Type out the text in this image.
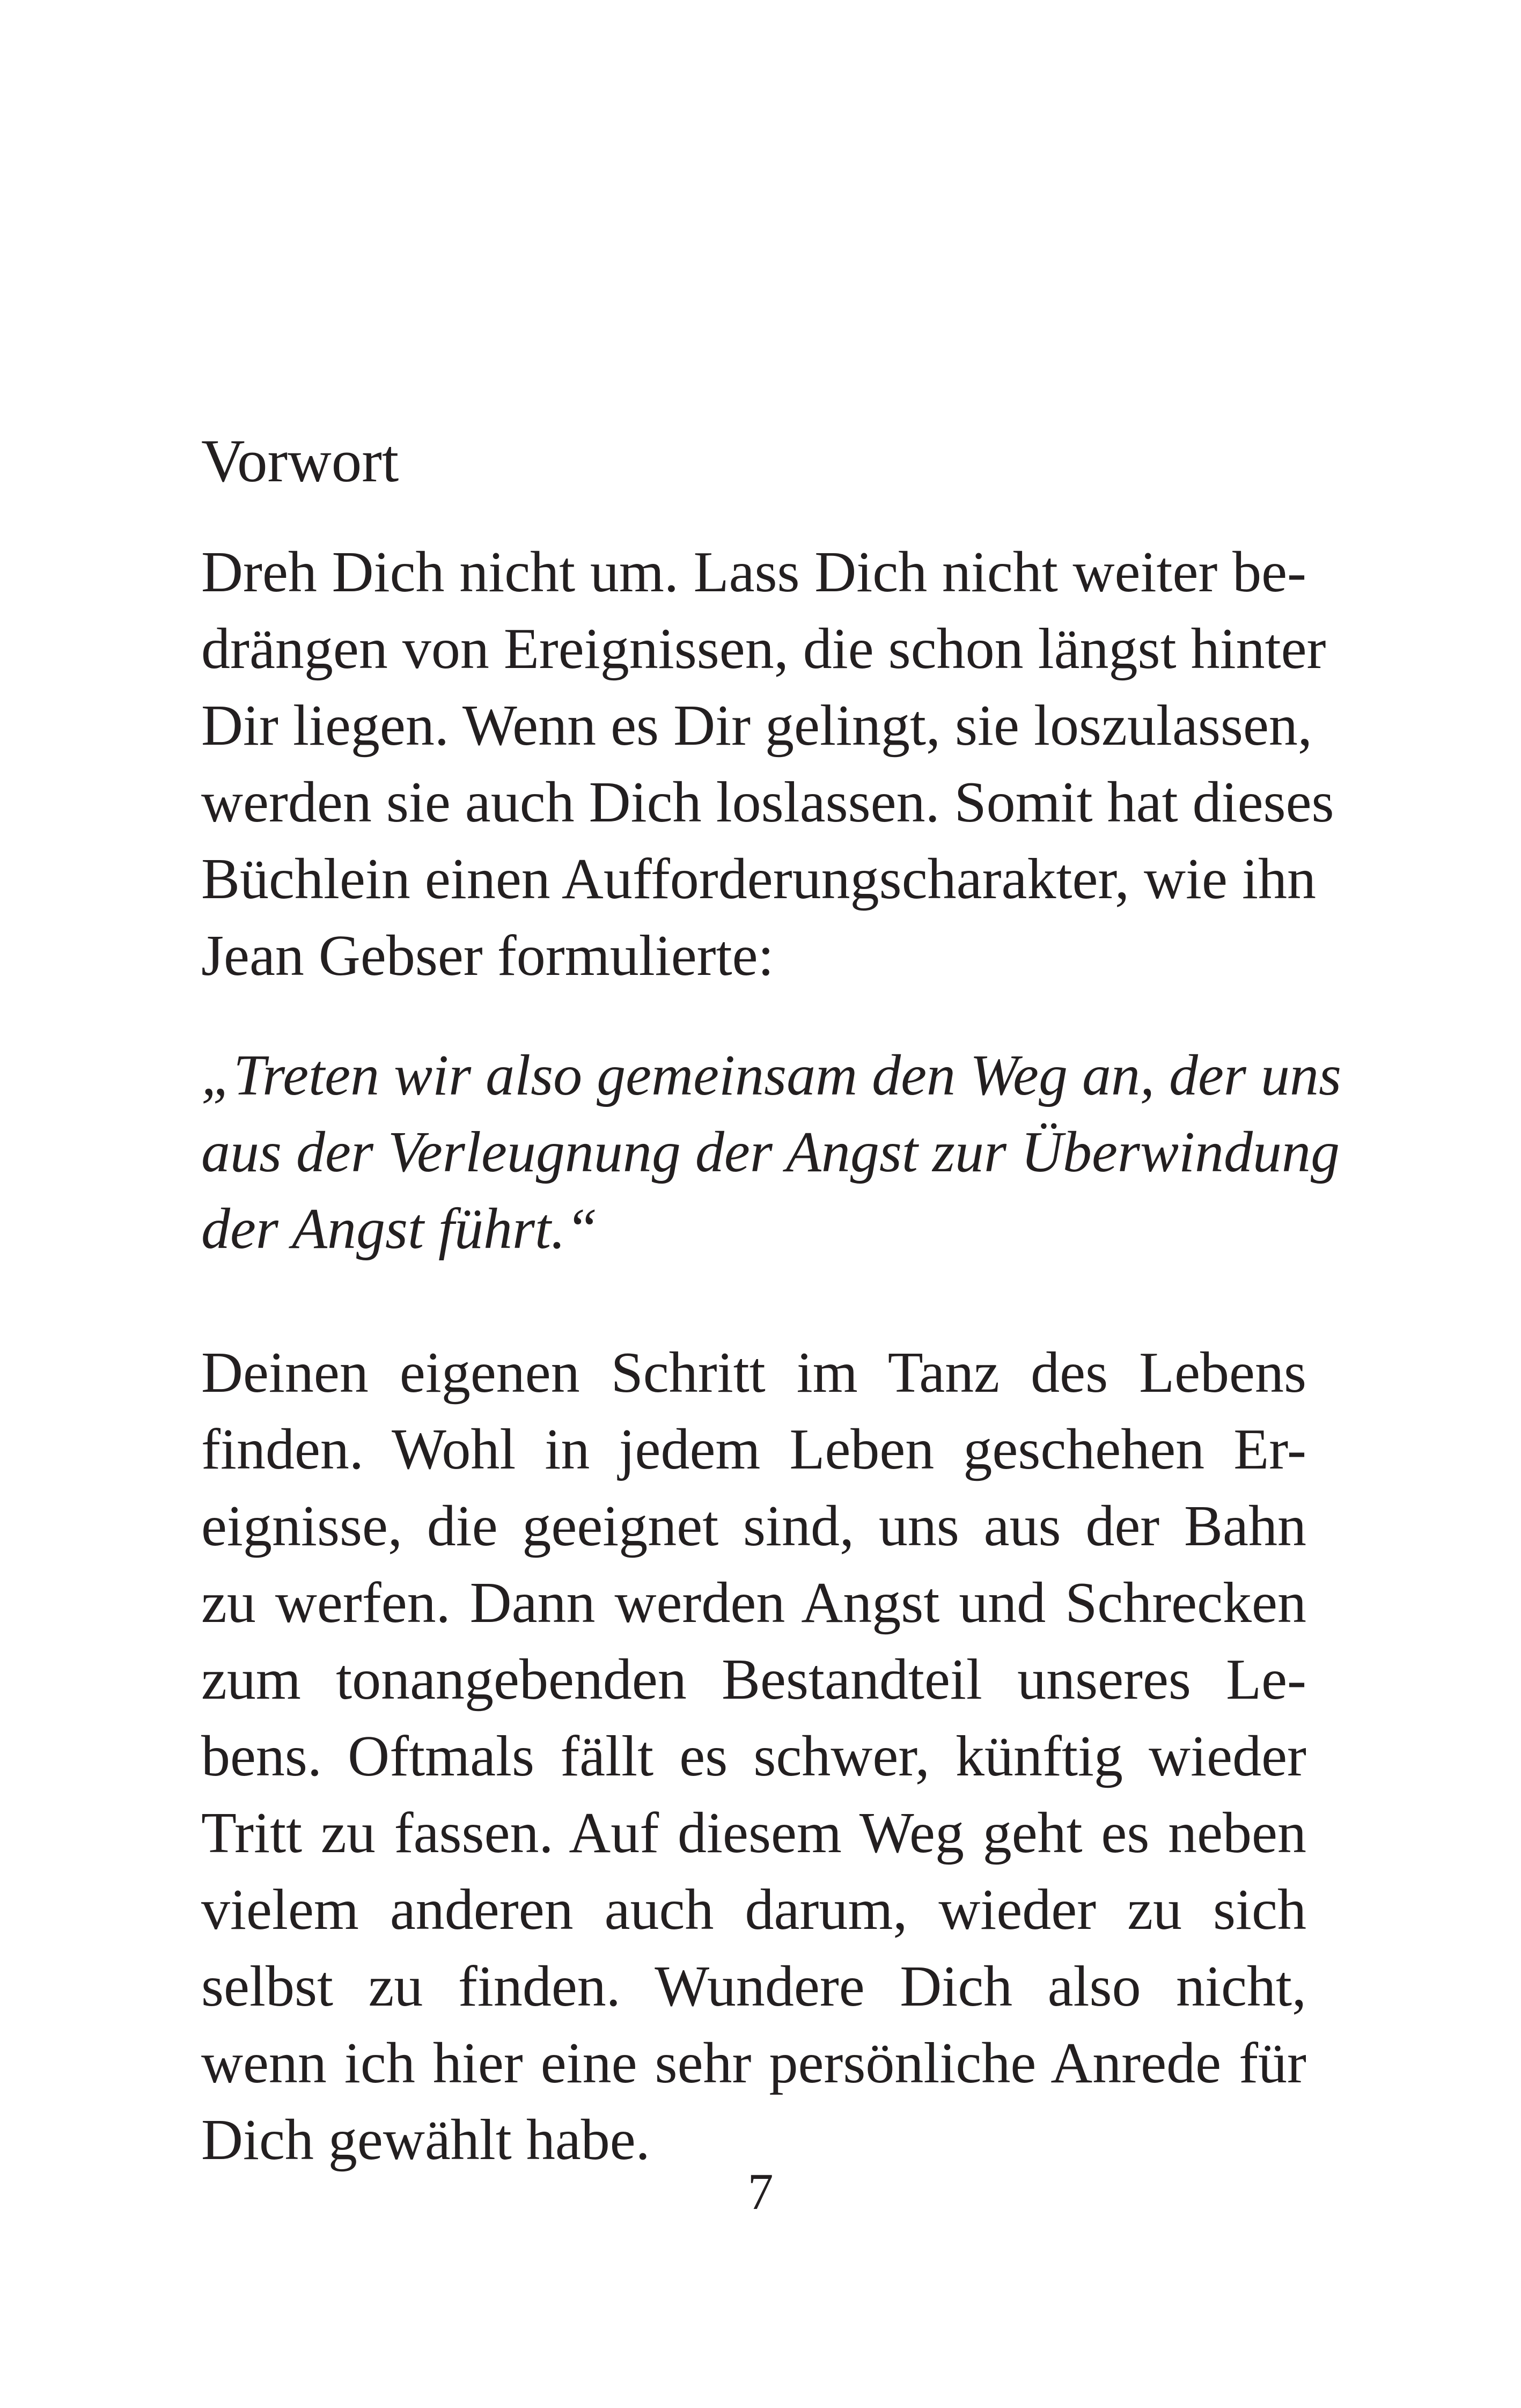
Vorwort
Dreh Dich nicht um. Lass Dich nicht weiter be-
drängen von Ereignissen, die schon längst hinter
Dir liegen. Wenn es Dir gelingt, sie loszulassen,
werden sie auch Dich loslassen. Somit hat dieses
Büchlein einen Aufforderungscharakter, wie ihn
Jean Gebser formulierte:
„Treten wir also gemeinsam den Weg an, der uns
aus der Verleugnung der Angst zur Überwindung
der Angst führt.“
Deinen eigenen Schritt im Tanz des Lebens
finden. Wohl in jedem Leben geschehen Er-
eignisse, die geeignet sind, uns aus der Bahn
zu werfen. Dann werden Angst und Schrecken
zum tonangebenden Bestandteil unseres Le-
bens. Oftmals fällt es schwer, künftig wieder
Tritt zu fassen. Auf diesem Weg geht es neben
vielem anderen auch darum, wieder zu sich
selbst zu finden. Wundere Dich also nicht,
wenn ich hier eine sehr persönliche Anrede für
Dich gewählt habe.

7
